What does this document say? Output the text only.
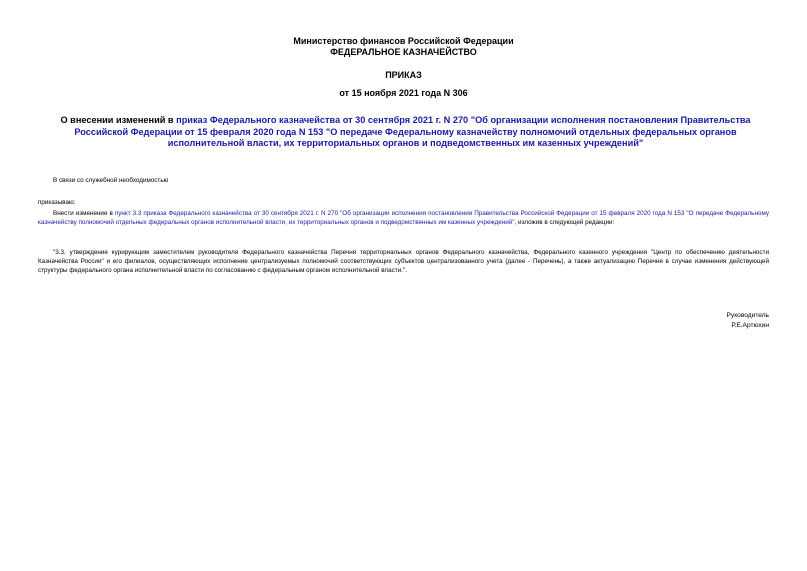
Министерство финансов Российской Федерации
ФЕДЕРАЛЬНОЕ КАЗНАЧЕЙСТВО
ПРИКАЗ
от 15 ноября 2021 года N 306
О внесении изменений в приказ Федерального казначейства от 30 сентября 2021 г. N 270 "Об организации исполнения постановления Правительства Российской Федерации от 15 февраля 2020 года N 153 "О передаче Федеральному казначейству полномочий отдельных федеральных органов исполнительной власти, их территориальных органов и подведомственных им казенных учреждений"
В связи со служебной необходимостью
приказываю:
Внести изменение в пункт 3.3 приказа Федерального казначейства от 30 сентября 2021 г. N 270 "Об организации исполнения постановления Правительства Российской Федерации от 15 февраля 2020 года N 153 "О передаче Федеральному казначейству полномочий отдельных федеральных органов исполнительной власти, их территориальных органов и подведомственных им казенных учреждений", изложив в следующей редакции:
"3.3. утверждение курирующим заместителем руководителя Федерального казначейства Перечня территориальных органов Федерального казначейства, Федерального казенного учреждения "Центр по обеспечению деятельности Казначейства России" и его филиалов, осуществляющих исполнение централизуемых полномочий соответствующих субъектов централизованного учета (далее - Перечень), а также актуализацию Перечня в случае изменения действующей структуры федерального органа исполнительной власти по согласованию с федеральным органом исполнительной власти.".
Руководитель
Р.Е.Артюхин
